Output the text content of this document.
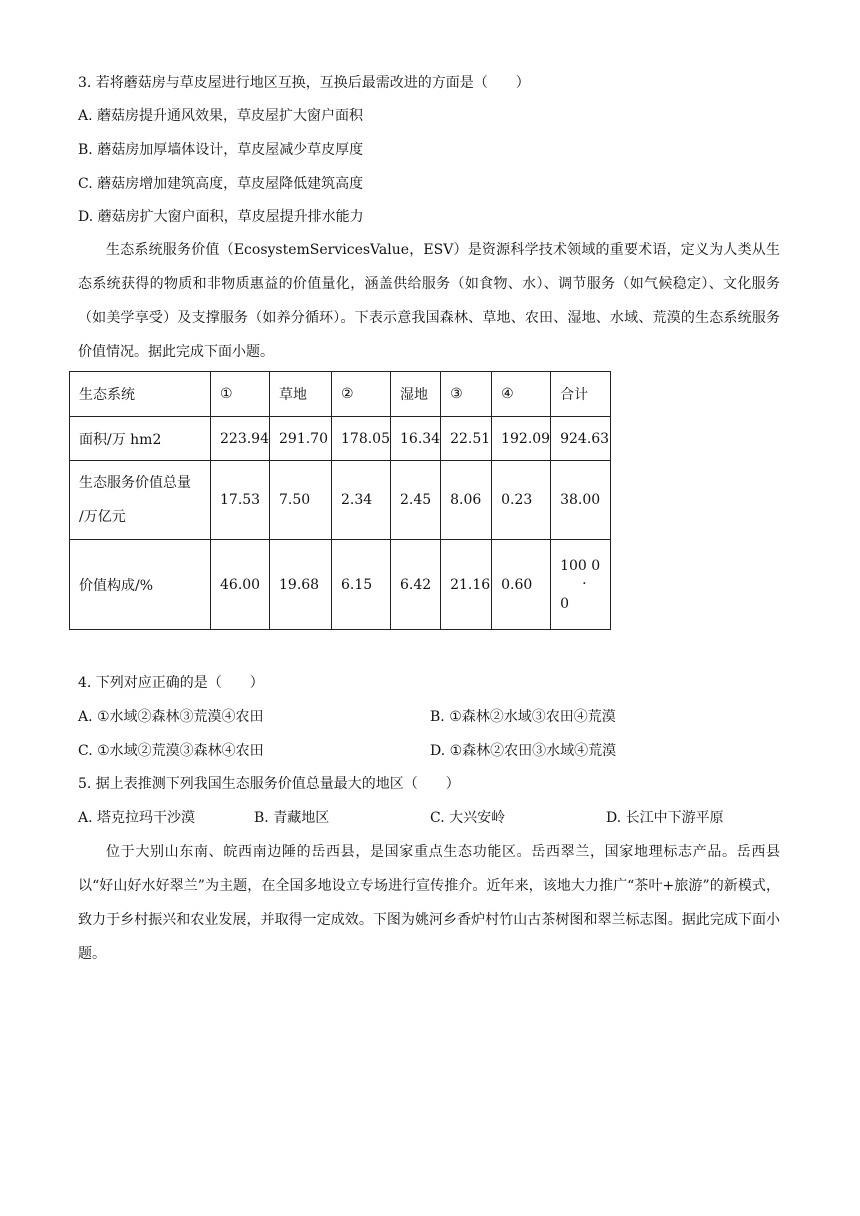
3. 若将蘑菇房与草皮屋进行地区互换，互换后最需改进的方面是（　　）
A. 蘑菇房提升通风效果，草皮屋扩大窗户面积
B. 蘑菇房加厚墙体设计，草皮屋减少草皮厚度
C. 蘑菇房增加建筑高度，草皮屋降低建筑高度
D. 蘑菇房扩大窗户面积，草皮屋提升排水能力
生态系统服务价值（EcosystemServicesValue，ESV）是资源科学技术领域的重要术语，定义为人类从生态系统获得的物质和非物质惠益的价值量化，涵盖供给服务（如食物、水）、调节服务（如气候稳定）、文化服务（如美学享受）及支撑服务（如养分循环）。下表示意我国森林、草地、农田、湿地、水域、荒漠的生态系统服务价值情况。据此完成下面小题。
生态系统	①	草地	②	湿地	③	④	合计
面积/万 hm2	223.94	291.70	178.05	16.34	22.51	192.09	924.63

生态服务价值总量
/万亿元	17.53	7.50	2.34	2.45	8.06	0.23	38.00
价值构成/%	46.00	19.68	6.15	6.42	21.16	0.60	100 0
·
0
4. 下列对应正确的是（　　）
A. ①水域②森林③荒漠④农田	B. ①森林②水域③农田④荒漠
C. ①水域②荒漠③森林④农田	D. ①森林②农田③水域④荒漠
5. 据上表推测下列我国生态服务价值总量最大的地区（　　）
A. 塔克拉玛干沙漠	B. 青藏地区	C. 大兴安岭	D. 长江中下游平原
位于大别山东南、皖西南边陲的岳西县，是国家重点生态功能区。岳西翠兰，国家地理标志产品。岳西县以“好山好水好翠兰”为主题，在全国多地设立专场进行宣传推介。近年来，该地大力推广“茶叶+旅游”的新模式，致力于乡村振兴和农业发展，并取得一定成效。下图为姚河乡香炉村竹山古茶树图和翠兰标志图。据此完成下面小题。
